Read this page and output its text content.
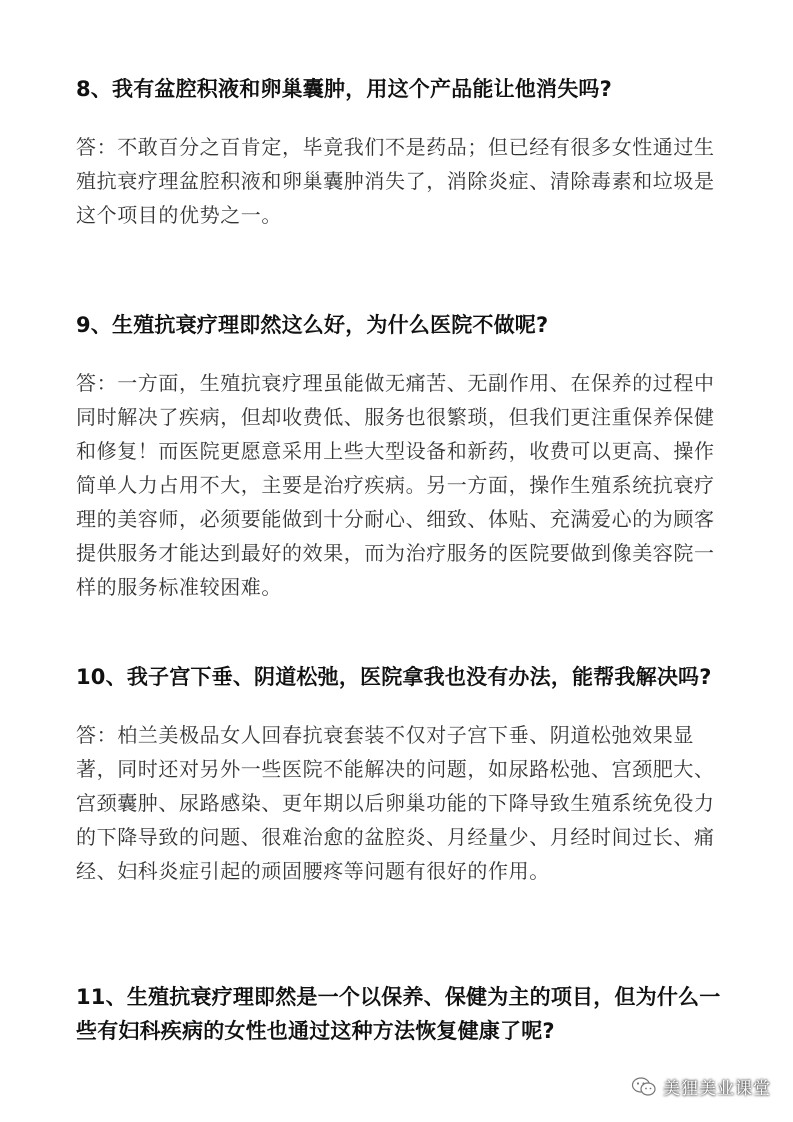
8、我有盆腔积液和卵巢囊肿，用这个产品能让他消失吗?

答：不敢百分之百肯定，毕竟我们不是药品；但已经有很多女性通过生殖抗衰疗理盆腔积液和卵巢囊肿消失了，消除炎症、清除毒素和垃圾是这个项目的优势之一。

9、生殖抗衰疗理即然这么好，为什么医院不做呢?

答：一方面，生殖抗衰疗理虽能做无痛苦、无副作用、在保养的过程中同时解决了疾病，但却收费低、服务也很繁琐，但我们更注重保养保健和修复！而医院更愿意采用上些大型设备和新药，收费可以更高、操作简单人力占用不大，主要是治疗疾病。另一方面，操作生殖系统抗衰疗理的美容师，必须要能做到十分耐心、细致、体贴、充满爱心的为顾客提供服务才能达到最好的效果，而为治疗服务的医院要做到像美容院一样的服务标准较困难。

10、我子宫下垂、阴道松弛，医院拿我也没有办法，能帮我解决吗?

答：柏兰美极品女人回春抗衰套装不仅对子宫下垂、阴道松弛效果显著，同时还对另外一些医院不能解决的问题，如尿路松弛、宫颈肥大、宫颈囊肿、尿路感染、更年期以后卵巢功能的下降导致生殖系统免役力的下降导致的问题、很难治愈的盆腔炎、月经量少、月经时间过长、痛经、妇科炎症引起的顽固腰疼等问题有很好的作用。

11、生殖抗衰疗理即然是一个以保养、保健为主的项目，但为什么一些有妇科疾病的女性也通过这种方法恢复健康了呢?

美狸美业课堂
